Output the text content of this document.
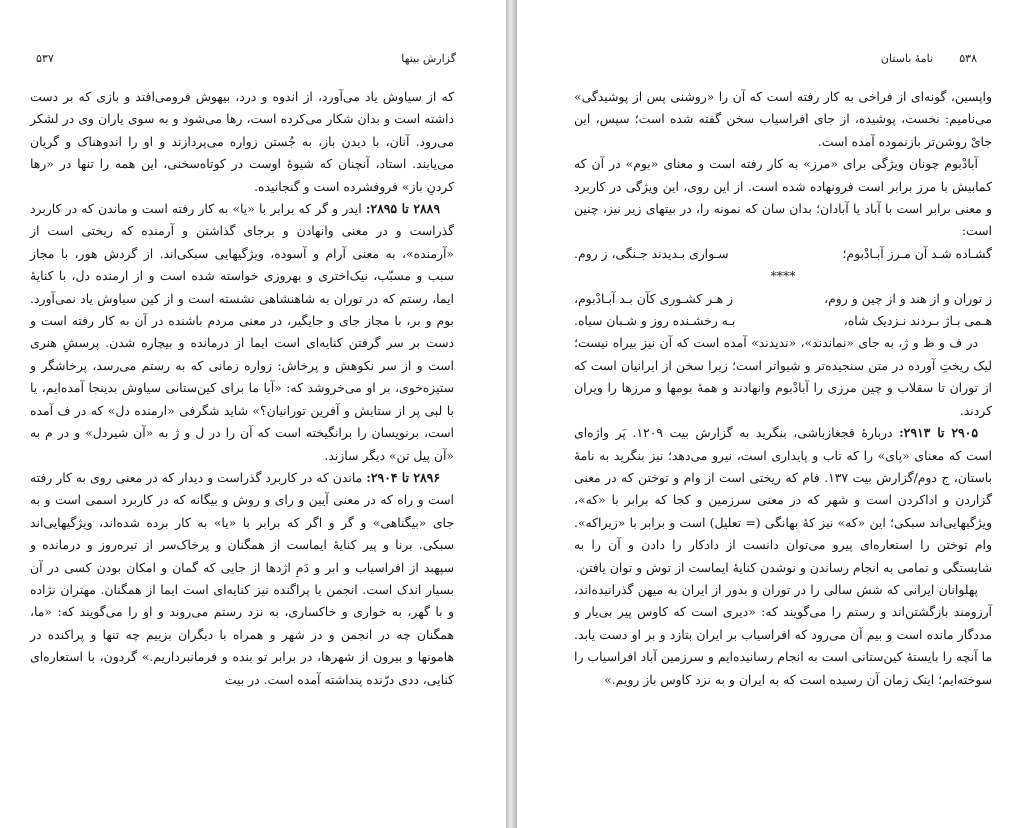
گزارش بیتها
۵۳۷

که از سیاوش یاد می‌آورد، از اندوه و درد، بیهوش فرومی‌افتد و بازی که بر دست داشته است و بدان شکار می‌کرده است، رها می‌شود و به سوی یاران وی در لشکر می‌رود. آنان، با دیدن باز، به جُستن زواره می‌پردازند و او را اندوهناک و گریان می‌یابند. استاد، آنچنان که شیوهٔ اوست در کوتاه‌سخنی، این همه را تنها در «رها کردنِ باز» فروفشرده است و گنجانیده.

۲۸۸۹ تا ۲۸۹۵: ایدر و گر که برابر با «یا» به کار رفته است و ماندن که در کاربرد گذراست و در معنی وانهادن و برجای گذاشتن و آرمنده که ریختی است از «آرمنده»، به معنی آرام و آسوده، ویژگیهایی سبکی‌اند. از گردش هور، با مجاز سبب و مسبّب، نیک‌اختری و بهروزی خواسته شده است و از ارمنده دل، با کنایهٔ ایما، رستم که در توران به شاهنشاهی نشسته است و از کین سیاوش یاد نمی‌آورد. بوم و بر، با مجاز جای و جایگیر، در معنی مردم باشنده در آن به کار رفته است و دست بر سر گرفتن کنایه‌ای است ایما از درمانده و بیچاره شدن. پرسشِ هنری است و از سر نکوهش و پرخاش: زواره زمانی که به رستم می‌رسد، پرخاشگر و ستیزه‌خوی، بر او می‌خروشد که: «آیا ما برای کین‌ستانی سیاوش بدینجا آمده‌ایم، یا با لبی پر از ستایش و آفرین تورانیان؟» شاید شگرفی «ارمنده دل» که در ف آمده است، برنویسان را برانگیخته است که آن را در ل و ژ به «آن شیردل» و در م به «آن پیل تن» دیگر سازند.

۲۸۹۶ تا ۲۹۰۴: ماندن که در کاربرد گذراست و دیدار که در معنی روی به کار رفته است و راه که در معنی آیین و رای و روش و بیگانه که در کاربرد اسمی است و به جای «بیگناهی» و گر و اگر که برابر با «یا» به کار برده شده‌اند، ویژگیهایی‌اند سبکی. برنا و پیر کنایهٔ ایماست از همگنان و پرخاک‌سر از تیره‌روز و درمانده و سپهبد از افراسیاب و ابر و دَمِ اژدها از جایی که گمان و امکان بودن کسی در آن بسیار اندک است. انجمن یا پراگنده نیز کنایه‌ای است ایما از همگنان. مهتران نژاده و با گهر، به خواری و خاکساری، به نزد رستم می‌روند و او را می‌گویند که: «ما، همگنان چه در انجمن و در شهر و همراه با دیگران بزییم چه تنها و پراکنده در هامونها و بیرون از شهرها، در برابر تو بنده و فرمانبرداریم.» گردون، با استعاره‌ای کنایی، ددی درّنده پنداشته آمده است. در بیت

۵۳۸
نامهٔ باستان

واپسین، گونه‌ای از فراخی به کار رفته است که آن را «روشنی پس از پوشیدگی» می‌نامیم: نخست، پوشیده، از جای افراسیاب سخن گفته شده است؛ سپس، این جایْ روشن‌تر بازنموده آمده است.

آبادْبوم چونان ویژگی برای «مرز» به کار رفته است و معنای «بوم» در آن که کمابیش با مرز برابر است فرونهاده شده است. از این روی، این ویژگی در کاربرد و معنی برابر است با آباد یا آبادان؛ بدان سان که نمونه را، در بیتهای زیر نیز، چنین است:

گشـاده شـد آن مـرز آبـادْبوم؛
سـواری بـدیدند جـنگی، ز روم.

****

ز توران و از هند و از چین و روم،
ز هـر کشـوری کآن بـد آبـادْبوم،
هـمی بـاژ بـردند نـزدیک شاه،
بـه رخشـنده روز و شـبان سیاه.

در ف و ظ و ژ، به جای «نماندند»، «ندیدند» آمده است که آن نیز بیراه نیست؛ لیک ریختِ آورده در متن سنجیده‌تر و شیواتر است؛ زیرا سخن از ایرانیان است که از توران تا سقلاب و چین مرزی را آبادْبوم وانهادند و همهٔ بومها و مرزها را ویران کردند.

۲۹۰۵ تا ۲۹۱۳: دربارهٔ قجغازباشی، بنگرید به گزارش بیت ۱۲۰۹. پَر واژه‌ای است که معنای «پای» را که تاب و پایداری است، نیرو می‌دهد؛ نیز بنگرید به نامهٔ باستان، ج دوم/گزارش بیت ۱۳۷. فام که ریختی است از وام و توختن که در معنی گزاردن و اداکردن است و شهر که در معنی سرزمین و کجا که برابر با «که»، ویژگیهایی‌اند سبکی؛ این «که» نیز کهٔ بهانگی (= تعلیل) است و برابر با «زیراکه». وام توختن را استعاره‌ای پیرو می‌توان دانست از دادکار را دادن و آن را به شایستگی و تمامی به انجام رساندن و نوشدن کنایهٔ ایماست از توش و توان یافتن.

پهلوانان ایرانی که شش سالی را در توران و بدور از ایران به میهن گذرانیده‌اند، آرزومند بازگشتن‌اند و رستم را می‌گویند که: «دیری است که کاوس پیر بی‌یار و مددگار مانده است و بیم آن می‌رود که افراسیاب بر ایران بتازد و بر او دست یابد. ما آنچه را بایستهٔ کین‌ستانی است به انجام رسانیده‌ایم و سرزمین آباد افراسیاب را سوخته‌ایم؛ اینک زمان آن رسیده است که به ایران و به نزد کاوس باز رویم.»
